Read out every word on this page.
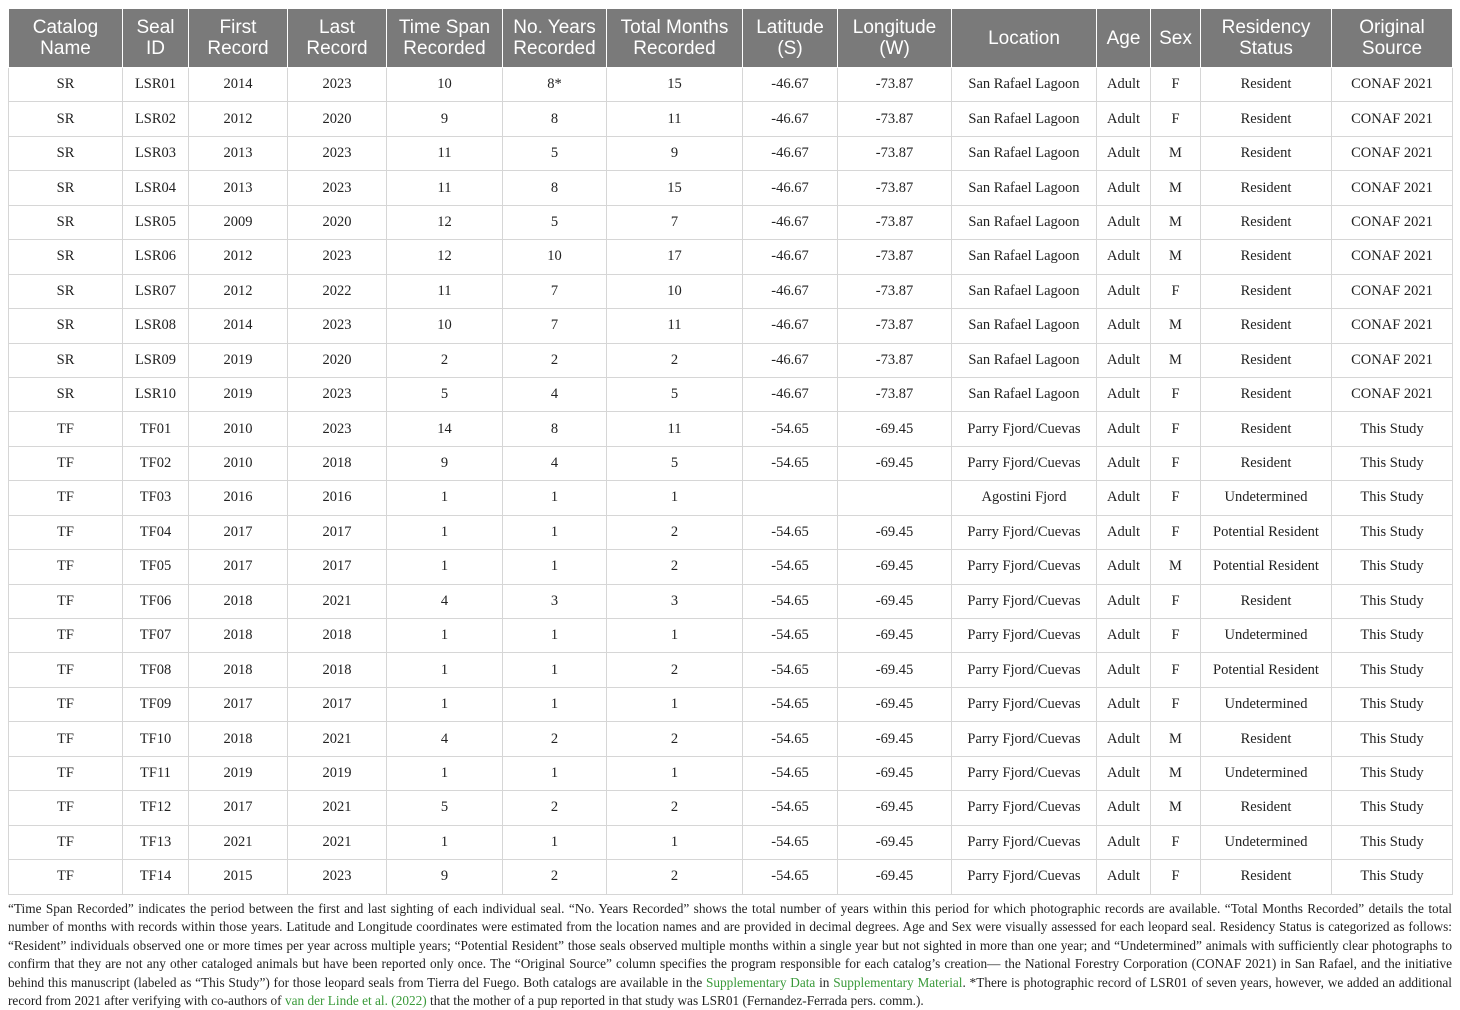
Catalog Name	Seal ID	First Record	Last Record	Time Span Recorded	No. Years Recorded	Total Months Recorded	Latitude (S)	Longitude (W)	Location	Age	Sex	Residency Status	Original Source
SR	LSR01	2014	2023	10	8*	15	-46.67	-73.87	San Rafael Lagoon	Adult	F	Resident	CONAF 2021
SR	LSR02	2012	2020	9	8	11	-46.67	-73.87	San Rafael Lagoon	Adult	F	Resident	CONAF 2021
SR	LSR03	2013	2023	11	5	9	-46.67	-73.87	San Rafael Lagoon	Adult	M	Resident	CONAF 2021
SR	LSR04	2013	2023	11	8	15	-46.67	-73.87	San Rafael Lagoon	Adult	M	Resident	CONAF 2021
SR	LSR05	2009	2020	12	5	7	-46.67	-73.87	San Rafael Lagoon	Adult	M	Resident	CONAF 2021
SR	LSR06	2012	2023	12	10	17	-46.67	-73.87	San Rafael Lagoon	Adult	M	Resident	CONAF 2021
SR	LSR07	2012	2022	11	7	10	-46.67	-73.87	San Rafael Lagoon	Adult	F	Resident	CONAF 2021
SR	LSR08	2014	2023	10	7	11	-46.67	-73.87	San Rafael Lagoon	Adult	M	Resident	CONAF 2021
SR	LSR09	2019	2020	2	2	2	-46.67	-73.87	San Rafael Lagoon	Adult	M	Resident	CONAF 2021
SR	LSR10	2019	2023	5	4	5	-46.67	-73.87	San Rafael Lagoon	Adult	F	Resident	CONAF 2021
TF	TF01	2010	2023	14	8	11	-54.65	-69.45	Parry Fjord/Cuevas	Adult	F	Resident	This Study
TF	TF02	2010	2018	9	4	5	-54.65	-69.45	Parry Fjord/Cuevas	Adult	F	Resident	This Study
TF	TF03	2016	2016	1	1	1			Agostini Fjord	Adult	F	Undetermined	This Study
TF	TF04	2017	2017	1	1	2	-54.65	-69.45	Parry Fjord/Cuevas	Adult	F	Potential Resident	This Study
TF	TF05	2017	2017	1	1	2	-54.65	-69.45	Parry Fjord/Cuevas	Adult	M	Potential Resident	This Study
TF	TF06	2018	2021	4	3	3	-54.65	-69.45	Parry Fjord/Cuevas	Adult	F	Resident	This Study
TF	TF07	2018	2018	1	1	1	-54.65	-69.45	Parry Fjord/Cuevas	Adult	F	Undetermined	This Study
TF	TF08	2018	2018	1	1	2	-54.65	-69.45	Parry Fjord/Cuevas	Adult	F	Potential Resident	This Study
TF	TF09	2017	2017	1	1	1	-54.65	-69.45	Parry Fjord/Cuevas	Adult	F	Undetermined	This Study
TF	TF10	2018	2021	4	2	2	-54.65	-69.45	Parry Fjord/Cuevas	Adult	M	Resident	This Study
TF	TF11	2019	2019	1	1	1	-54.65	-69.45	Parry Fjord/Cuevas	Adult	M	Undetermined	This Study
TF	TF12	2017	2021	5	2	2	-54.65	-69.45	Parry Fjord/Cuevas	Adult	M	Resident	This Study
TF	TF13	2021	2021	1	1	1	-54.65	-69.45	Parry Fjord/Cuevas	Adult	F	Undetermined	This Study
TF	TF14	2015	2023	9	2	2	-54.65	-69.45	Parry Fjord/Cuevas	Adult	F	Resident	This Study

“Time Span Recorded” indicates the period between the first and last sighting of each individual seal. “No. Years Recorded” shows the total number of years within this period for which photographic records are available. “Total Months Recorded” details the total number of months with records within those years. Latitude and Longitude coordinates were estimated from the location names and are provided in decimal degrees. Age and Sex were visually assessed for each leopard seal. Residency Status is categorized as follows: “Resident” individuals observed one or more times per year across multiple years; “Potential Resident” those seals observed multiple months within a single year but not sighted in more than one year; and “Undetermined” animals with sufficiently clear photographs to confirm that they are not any other cataloged animals but have been reported only once. The “Original Source” column specifies the program responsible for each catalog’s creation— the National Forestry Corporation (CONAF 2021) in San Rafael, and the initiative behind this manuscript (labeled as “This Study”) for those leopard seals from Tierra del Fuego. Both catalogs are available in the Supplementary Data in Supplementary Material. *There is photographic record of LSR01 of seven years, however, we added an additional record from 2021 after verifying with co-authors of van der Linde et al. (2022) that the mother of a pup reported in that study was LSR01 (Fernandez-Ferrada pers. comm.).
